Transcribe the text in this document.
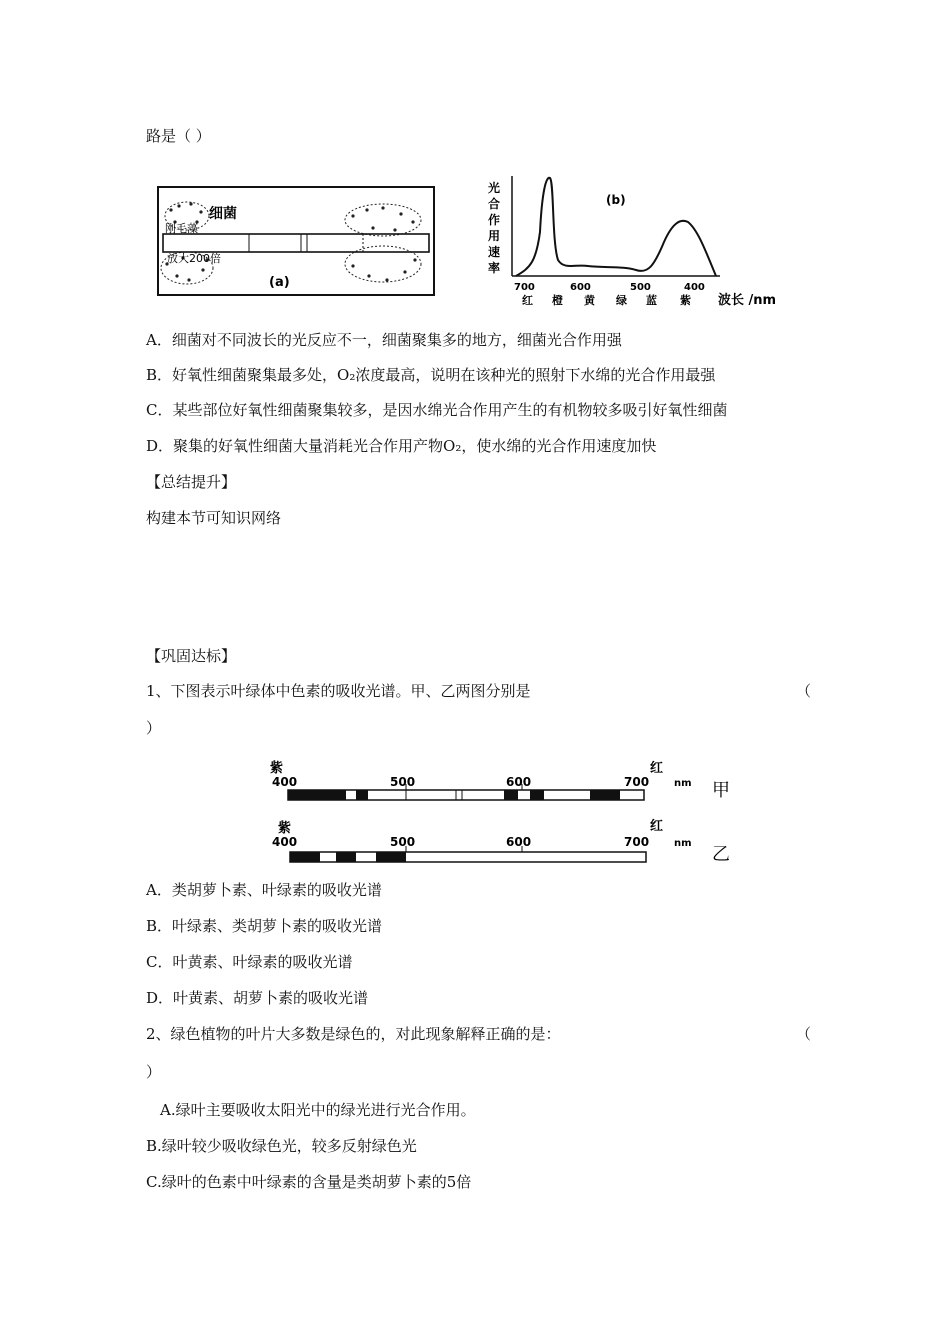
路是（ ）
细菌
刚毛藻
放大200倍
(a)
光
合
作
用
速
率
(b)
700	600	500	400
红 橙 黄 绿 蓝 紫 波长 /nm
A．细菌对不同波长的光反应不一，细菌聚集多的地方，细菌光合作用强
B．好氧性细菌聚集最多处，O₂浓度最高，说明在该种光的照射下水绵的光合作用最强
C．某些部位好氧性细菌聚集较多，是因水绵光合作用产生的有机物较多吸引好氧性细菌
D．聚集的好氧性细菌大量消耗光合作用产物O₂，使水绵的光合作用速度加快
【总结提升】
构建本节可知识网络
【巩固达标】
1、下图表示叶绿体中色素的吸收光谱。甲、乙两图分别是	（
）
紫	红
400	500	600	700 nm 甲
紫	红
400	500	600	700 nm
乙
A．类胡萝卜素、叶绿素的吸收光谱
B．叶绿素、类胡萝卜素的吸收光谱
C．叶黄素、叶绿素的吸收光谱
D．叶黄素、胡萝卜素的吸收光谱
2、绿色植物的叶片大多数是绿色的，对此现象解释正确的是：	（
）
A.绿叶主要吸收太阳光中的绿光进行光合作用。
B.绿叶较少吸收绿色光，较多反射绿色光
C.绿叶的色素中叶绿素的含量是类胡萝卜素的5倍
